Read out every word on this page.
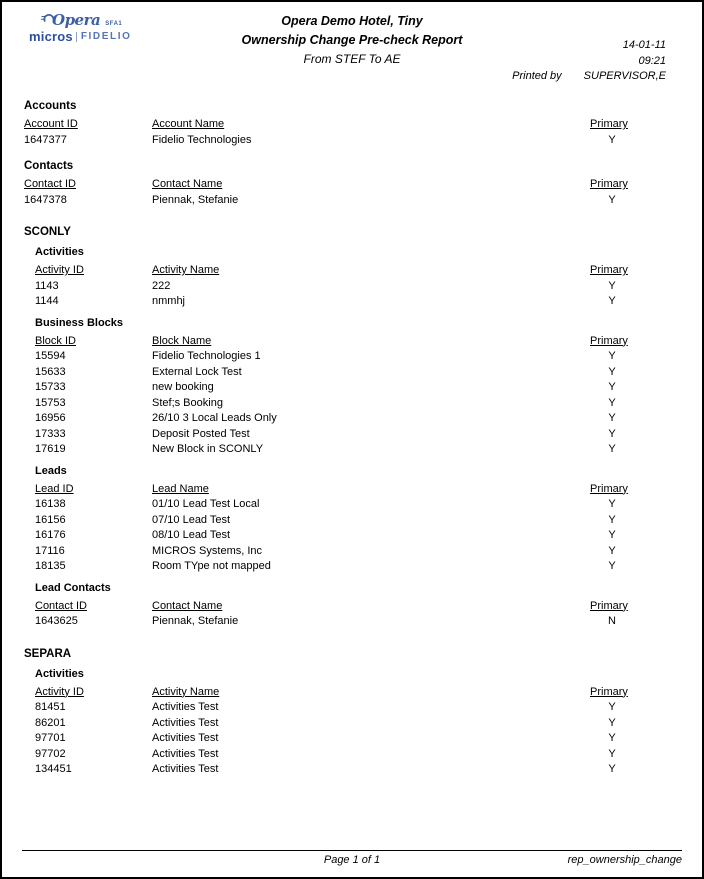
Opera SFA1
micros FIDELIO
Opera Demo Hotel, Tiny
Ownership Change Pre-check Report
From STEF To AE
14-01-11
09:21
Printed by SUPERVISOR,E
Accounts
Account ID	Account Name	Primary
1647377	Fidelio Technologies	Y
Contacts
Contact ID	Contact Name	Primary
1647378	Piennak, Stefanie	Y
SCONLY
Activities
Activity ID	Activity Name	Primary
1143	222	Y
1144	nmmhj	Y
Business Blocks
Block ID	Block Name	Primary
15594	Fidelio Technologies 1	Y
15633	External Lock Test	Y
15733	new booking	Y
15753	Stef;s Booking	Y
16956	26/10 3 Local Leads Only	Y
17333	Deposit Posted Test	Y
17619	New Block in SCONLY	Y
Leads
Lead ID	Lead Name	Primary
16138	01/10 Lead Test Local	Y
16156	07/10 Lead Test	Y
16176	08/10 Lead Test	Y
17116	MICROS Systems, Inc	Y
18135	Room TYpe not mapped	Y
Lead Contacts
Contact ID	Contact Name	Primary
1643625	Piennak, Stefanie	N
SEPARA
Activities
Activity ID	Activity Name	Primary
81451	Activities Test	Y
86201	Activities Test	Y
97701	Activities Test	Y
97702	Activities Test	Y
134451	Activities Test	Y
Page 1 of 1	rep_ownership_change
